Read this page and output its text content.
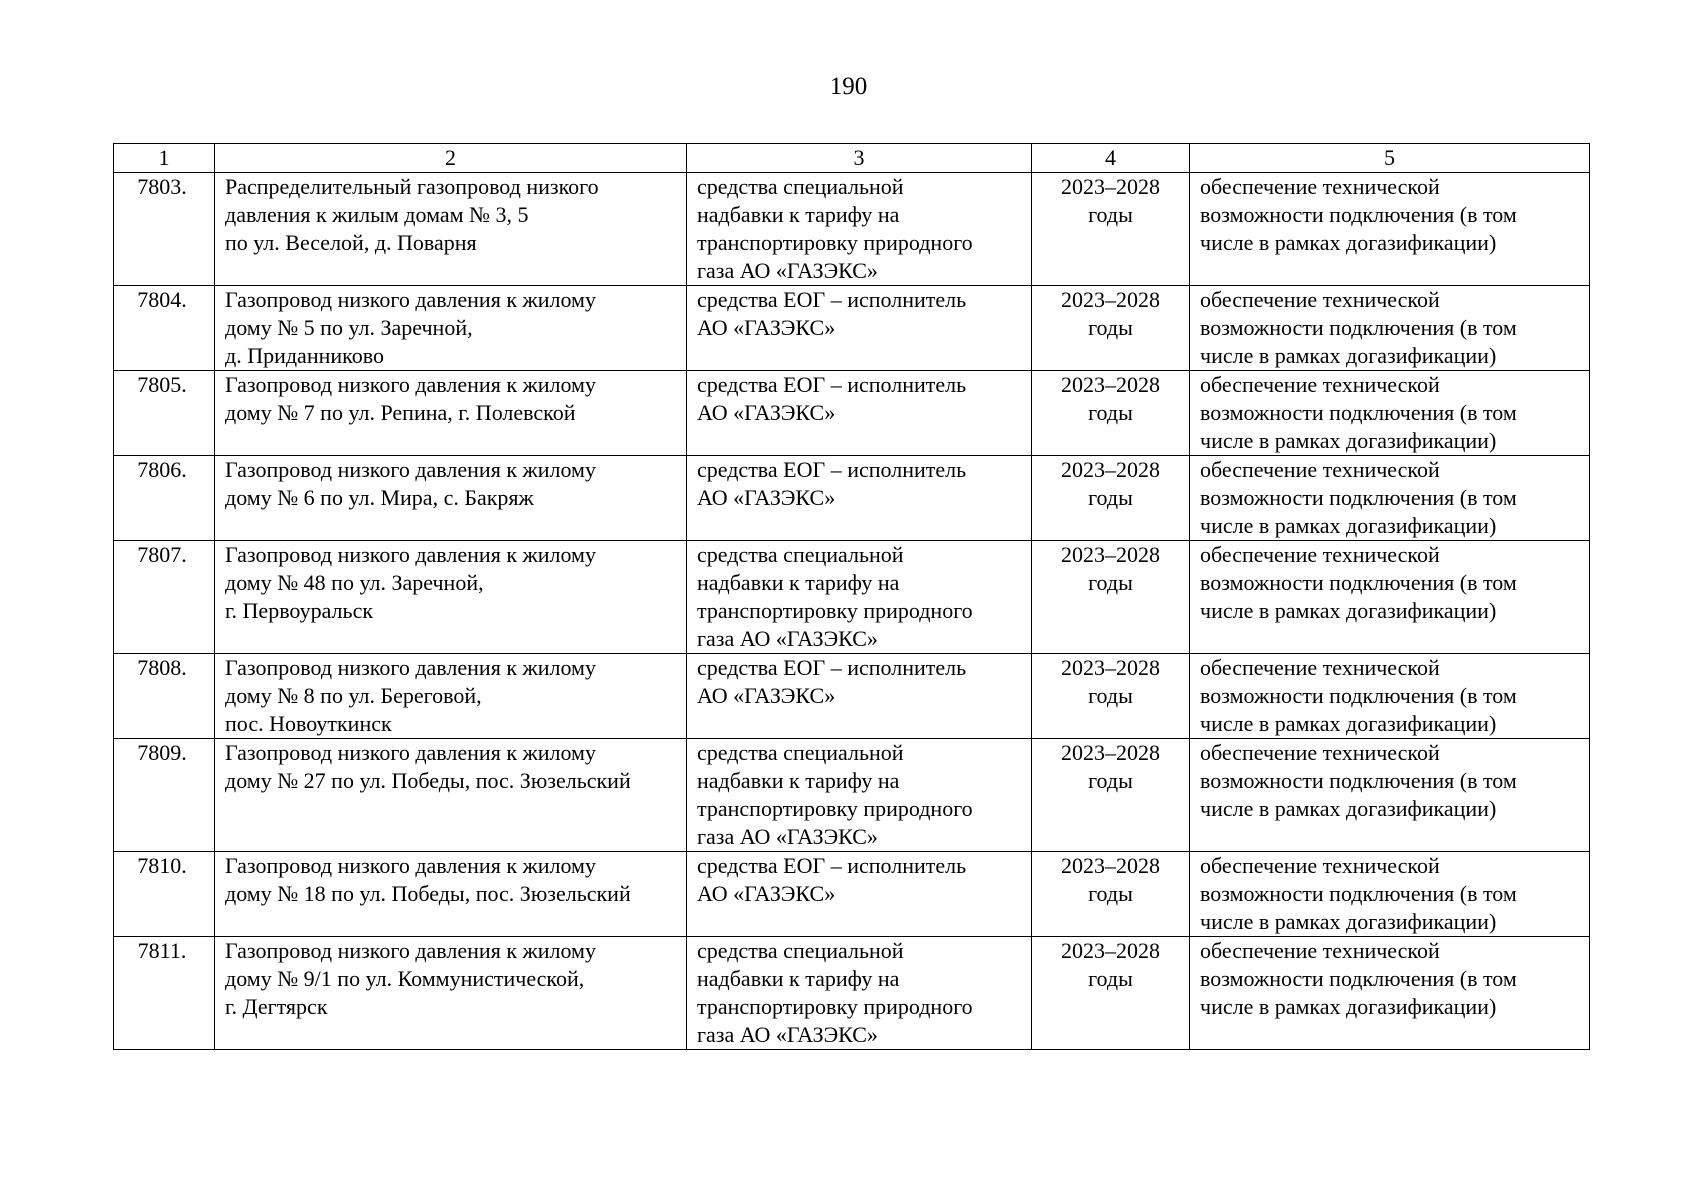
190
1	2	3	4	5
7803.	Распределительный газопровод низкого
давления к жилым домам № 3, 5
по ул. Веселой, д. Поварня	средства специальной
надбавки к тарифу на
транспортировку природного
газа АО «ГАЗЭКС»	2023–2028
годы	обеспечение технической
возможности подключения (в том
числе в рамках догазификации)
7804.	Газопровод низкого давления к жилому
дому № 5 по ул. Заречной,
д. Приданниково	средства ЕОГ – исполнитель
АО «ГАЗЭКС»	2023–2028
годы	обеспечение технической
возможности подключения (в том
числе в рамках догазификации)
7805.	Газопровод низкого давления к жилому
дому № 7 по ул. Репина, г. Полевской	средства ЕОГ – исполнитель
АО «ГАЗЭКС»	2023–2028
годы	обеспечение технической
возможности подключения (в том
числе в рамках догазификации)
7806.	Газопровод низкого давления к жилому
дому № 6 по ул. Мира, с. Бакряж	средства ЕОГ – исполнитель
АО «ГАЗЭКС»	2023–2028
годы	обеспечение технической
возможности подключения (в том
числе в рамках догазификации)
7807.	Газопровод низкого давления к жилому
дому № 48 по ул. Заречной,
г. Первоуральск	средства специальной
надбавки к тарифу на
транспортировку природного
газа АО «ГАЗЭКС»	2023–2028
годы	обеспечение технической
возможности подключения (в том
числе в рамках догазификации)
7808.	Газопровод низкого давления к жилому
дому № 8 по ул. Береговой,
пос. Новоуткинск	средства ЕОГ – исполнитель
АО «ГАЗЭКС»	2023–2028
годы	обеспечение технической
возможности подключения (в том
числе в рамках догазификации)
7809.	Газопровод низкого давления к жилому
дому № 27 по ул. Победы, пос. Зюзельский	средства специальной
надбавки к тарифу на
транспортировку природного
газа АО «ГАЗЭКС»	2023–2028
годы	обеспечение технической
возможности подключения (в том
числе в рамках догазификации)
7810.	Газопровод низкого давления к жилому
дому № 18 по ул. Победы, пос. Зюзельский	средства ЕОГ – исполнитель
АО «ГАЗЭКС»	2023–2028
годы	обеспечение технической
возможности подключения (в том
числе в рамках догазификации)
7811.	Газопровод низкого давления к жилому
дому № 9/1 по ул. Коммунистической,
г. Дегтярск	средства специальной
надбавки к тарифу на
транспортировку природного
газа АО «ГАЗЭКС»	2023–2028
годы	обеспечение технической
возможности подключения (в том
числе в рамках догазификации)
